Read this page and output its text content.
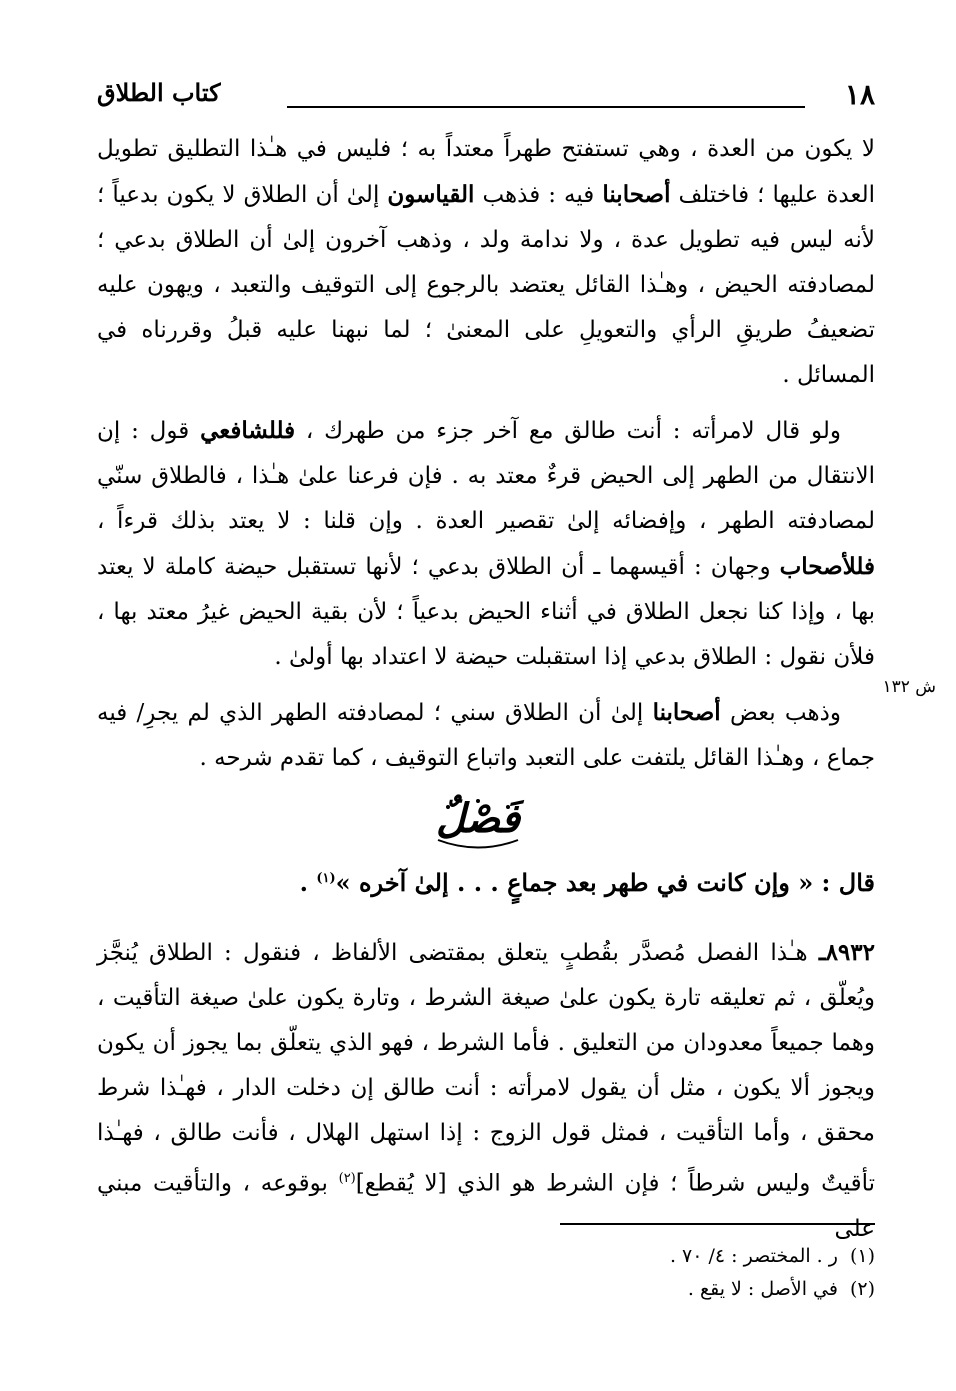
١٨
كتاب الطلاق

لا يكون من العدة ، وهي تستفتح طهراً معتداً به ؛ فليس في هـٰذا التطليق تطويل العدة عليها ؛ فاختلف أصحابنا فيه : فذهب القياسون إلىٰ أن الطلاق لا يكون بدعياً ؛ لأنه ليس فيه تطويل عدة ، ولا ندامة ولد ، وذهب آخرون إلىٰ أن الطلاق بدعي ؛ لمصادفته الحيض ، وهـٰذا القائل يعتضد بالرجوع إلى التوقيف والتعبد ، ويهون عليه تضعيفُ طريقِ الرأي والتعويلِ على المعنىٰ ؛ لما نبهنا عليه قبلُ وقررناه في المسائل .

ولو قال لامرأته : أنت طالق مع آخر جزء من طهرك ، فللشافعي قول : إن الانتقال من الطهر إلى الحيض قرءٌ معتد به . فإن فرعنا علىٰ هـٰذا ، فالطلاق سنّي لمصادفته الطهر ، وإفضائه إلىٰ تقصير العدة . وإن قلنا : لا يعتد بذلك قرءاً ، فللأصحاب وجهان : أقيسهما ـ أن الطلاق بدعي ؛ لأنها تستقبل حيضة كاملة لا يعتد بها ، وإذا كنا نجعل الطلاق في أثناء الحيض بدعياً ؛ لأن بقية الحيض غيرُ معتد بها ، فلأن نقول : الطلاق بدعي إذا استقبلت حيضة لا اعتداد بها أولىٰ .

وذهب بعض أصحابنا إلىٰ أن الطلاق سني ؛ لمصادفته الطهر الذي لم يجرِ/ فيه جماع ، وهـٰذا القائل يلتفت على التعبد واتباع التوقيف ، كما تقدم شرحه .

ش ١٣٢
فَصْلٌ
قال : « وإن كانت في طهر بعد جماعٍ . . . إلىٰ آخره »$^{(١)}$ .
٨٩٣٢ـ هـٰذا الفصل مُصدَّر بقُطبٍ يتعلق بمقتضى الألفاظ ، فنقول : الطلاق يُنجَّز ويُعلّق ، ثم تعليقه تارة يكون علىٰ صيغة الشرط ، وتارة يكون علىٰ صيغة التأقيت ، وهما جميعاً معدودان من التعليق . فأما الشرط ، فهو الذي يتعلّق بما يجوز أن يكون ويجوز ألا يكون ، مثل أن يقول لامرأته : أنت طالق إن دخلت الدار ، فهـٰذا شرط محقق ، وأما التأقيت ، فمثل قول الزوج : إذا استهل الهلال ، فأنت طالق ، فهـٰذا تأقيتٌ وليس شرطاً ؛ فإن الشرط هو الذي [لا يُقطع]$^{(٢)}$ بوقوعه ، والتأقيت مبني على
(١)ر . المختصر : ٤/ ٧٠ .
(٢)في الأصل : لا يقع .
